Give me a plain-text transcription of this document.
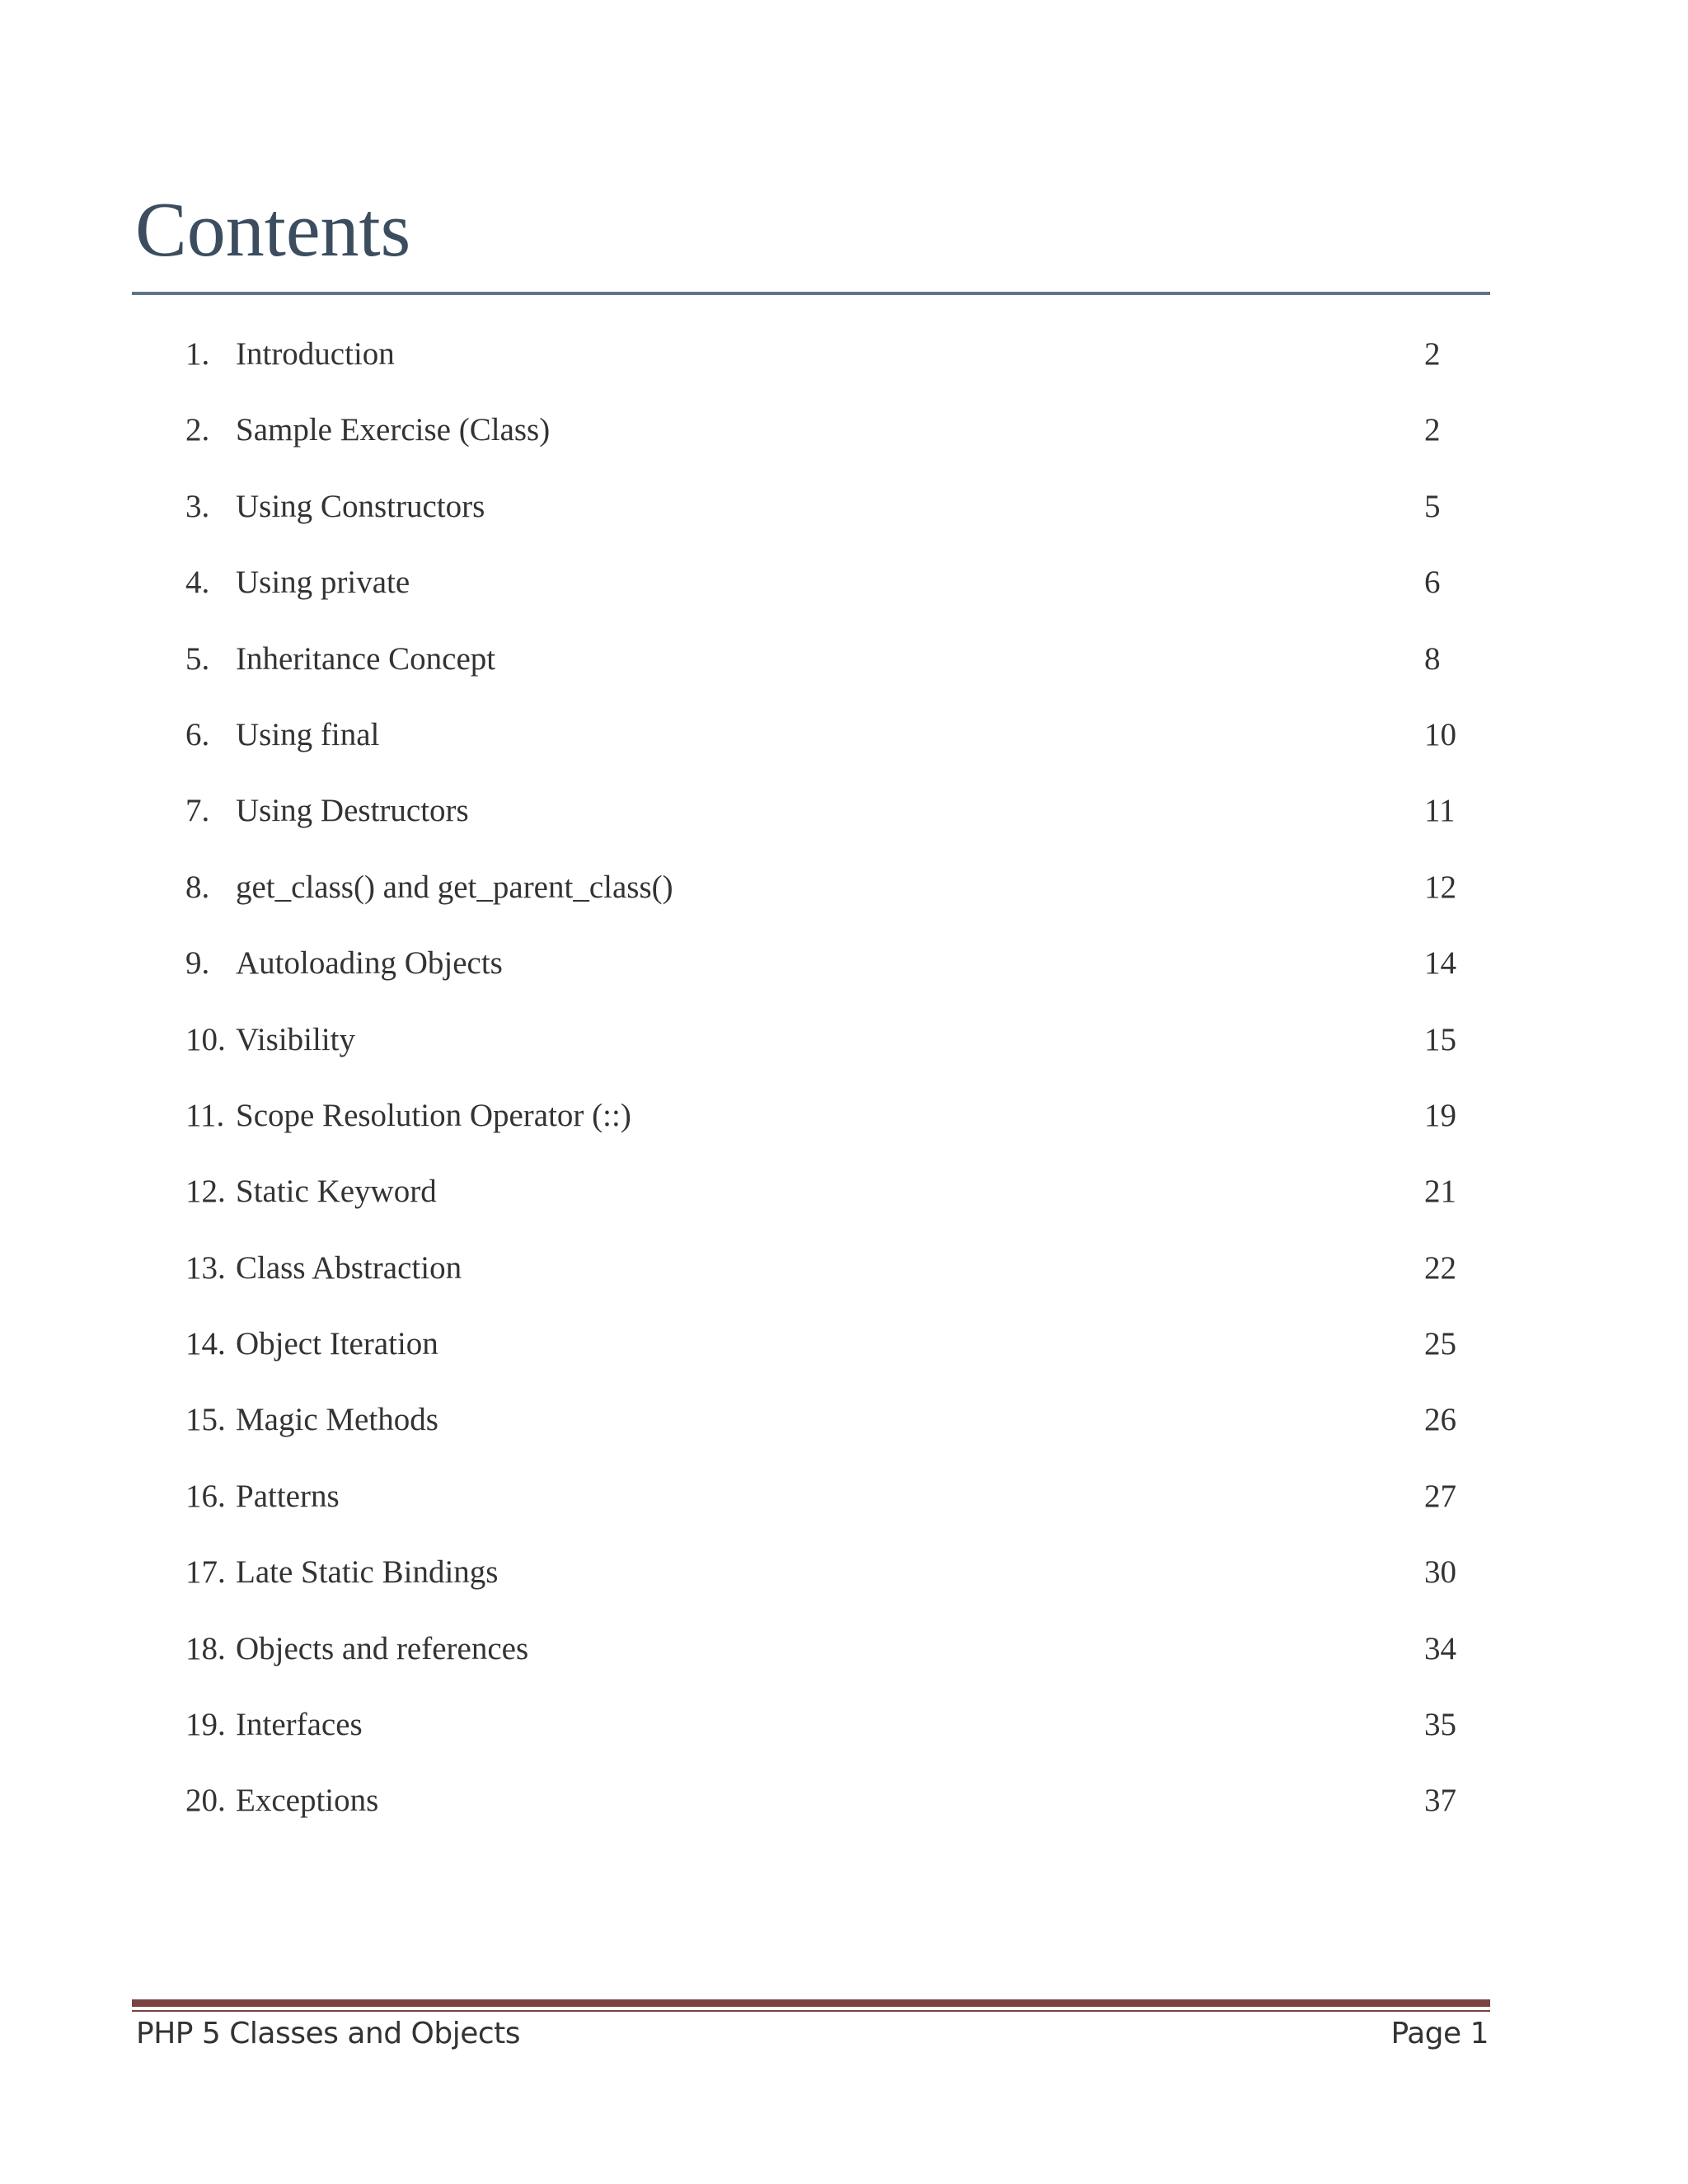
Contents
1. Introduction	2
2. Sample Exercise (Class)	2
3. Using Constructors	5
4. Using private	6
5. Inheritance Concept	8
6. Using final	10
7. Using Destructors	11
8. get_class() and get_parent_class()	12
9. Autoloading Objects	14
10. Visibility	15
11. Scope Resolution Operator (::)	19
12. Static Keyword	21
13. Class Abstraction	22
14. Object Iteration	25
15. Magic Methods	26
16. Patterns	27
17. Late Static Bindings	30
18. Objects and references	34
19. Interfaces	35
20. Exceptions	37
PHP 5 Classes and Objects	Page 1
